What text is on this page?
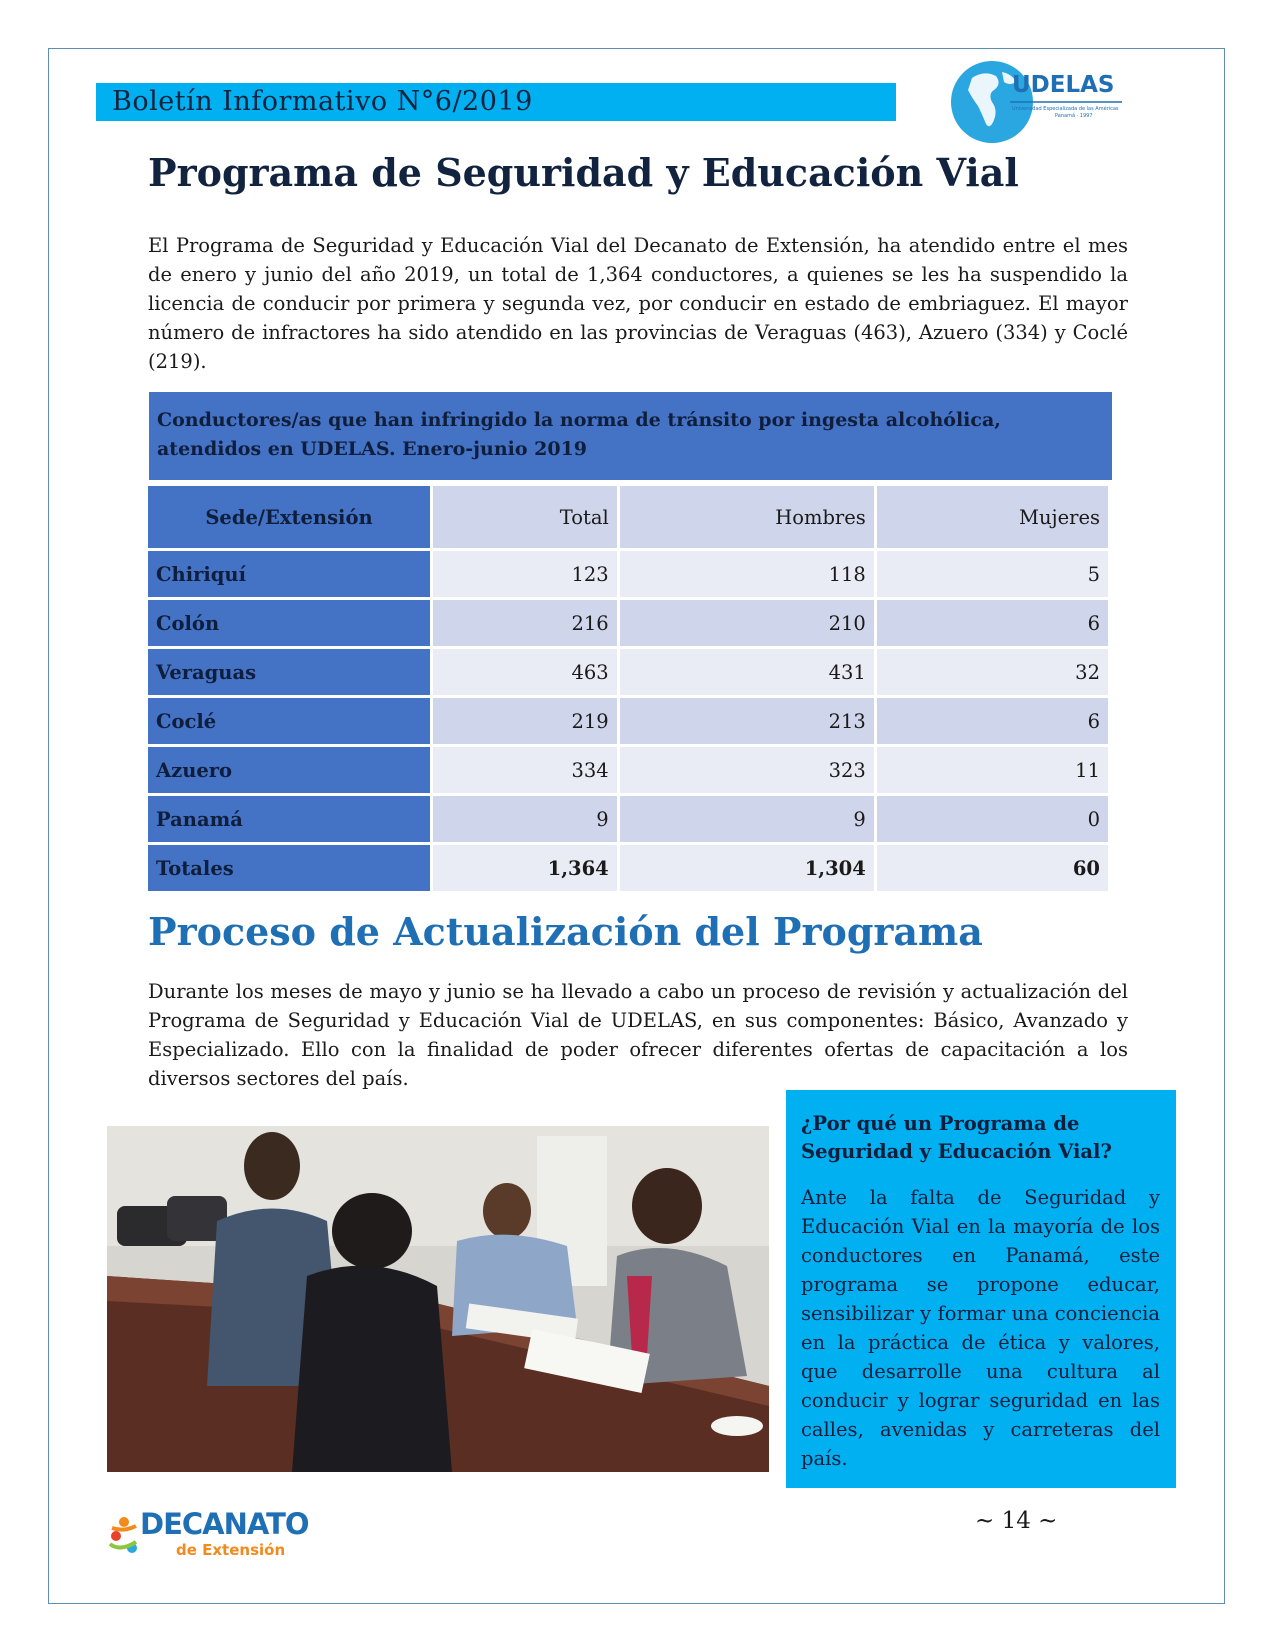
Boletín Informativo N°6/2019
UDELAS
Universidad Especializada de las Américas
Panamá · 1997
Programa de Seguridad y Educación Vial

El Programa de Seguridad y Educación Vial del Decanato de Extensión, ha atendido entre el mes de enero y junio del año 2019, un total de 1,364 conductores, a quienes se les ha suspendido la licencia de conducir por primera y segunda vez, por conducir en estado de embriaguez. El mayor número de infractores ha sido atendido en las provincias de Veraguas (463), Azuero (334) y Coclé (219).

Conductores/as que han infringido la norma de tránsito por ingesta alcohólica, atendidos en UDELAS. Enero-junio 2019
Sede/Extensión	Total	Hombres	Mujeres
Chiriquí	123	118	5
Colón	216	210	6
Veraguas	463	431	32
Coclé	219	213	6
Azuero	334	323	11
Panamá	9	9	0
Totales	1,364	1,304	60
Proceso de Actualización del Programa

Durante los meses de mayo y junio se ha llevado a cabo un proceso de revisión y actualización del Programa de Seguridad y Educación Vial de UDELAS, en sus componentes: Básico, Avanzado y Especializado. Ello con la finalidad de poder ofrecer diferentes ofertas de capacitación a los diversos sectores del país.

¿Por qué un Programa de Seguridad y Educación Vial?

Ante la falta de Seguridad y Educación Vial en la mayoría de los conductores en Panamá, este programa se propone educar, sensibilizar y formar una conciencia en la práctica de ética y valores, que desarrolle una cultura al conducir y lograr seguridad en las calles, avenidas y carreteras del país.

~ 14 ~
DECANATO
de Extensión
